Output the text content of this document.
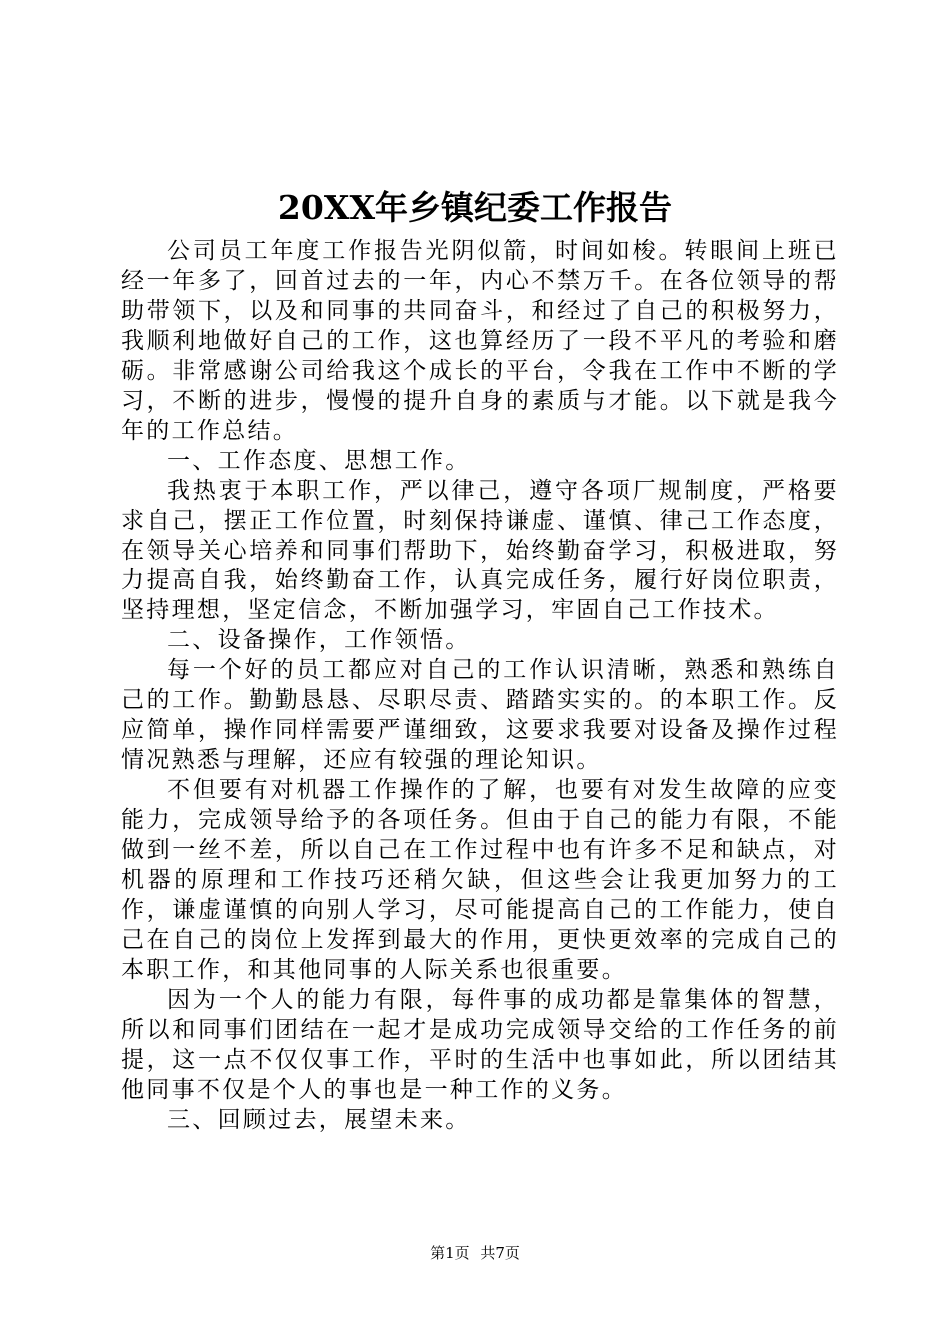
20XX年乡镇纪委工作报告

公司员工年度工作报告光阴似箭，时间如梭。转眼间上班已经一年多了，回首过去的一年，内心不禁万千。在各位领导的帮助带领下，以及和同事的共同奋斗，和经过了自己的积极努力，我顺利地做好自己的工作，这也算经历了一段不平凡的考验和磨砺。非常感谢公司给我这个成长的平台，令我在工作中不断的学习，不断的进步，慢慢的提升自身的素质与才能。以下就是我今年的工作总结。

一、工作态度、思想工作。

我热衷于本职工作，严以律己，遵守各项厂规制度，严格要求自己，摆正工作位置，时刻保持谦虚、谨慎、律己工作态度，在领导关心培养和同事们帮助下，始终勤奋学习，积极进取，努力提高自我，始终勤奋工作，认真完成任务，履行好岗位职责，坚持理想，坚定信念，不断加强学习，牢固自己工作技术。

二、设备操作，工作领悟。

每一个好的员工都应对自己的工作认识清晰，熟悉和熟练自己的工作。勤勤恳恳、尽职尽责、踏踏实实的。的本职工作。反应简单，操作同样需要严谨细致，这要求我要对设备及操作过程情况熟悉与理解，还应有较强的理论知识。

不但要有对机器工作操作的了解，也要有对发生故障的应变能力，完成领导给予的各项任务。但由于自己的能力有限，不能做到一丝不差，所以自己在工作过程中也有许多不足和缺点，对机器的原理和工作技巧还稍欠缺，但这些会让我更加努力的工作，谦虚谨慎的向别人学习，尽可能提高自己的工作能力，使自己在自己的岗位上发挥到最大的作用，更快更效率的完成自己的本职工作，和其他同事的人际关系也很重要。

因为一个人的能力有限，每件事的成功都是靠集体的智慧，所以和同事们团结在一起才是成功完成领导交给的工作任务的前提，这一点不仅仅事工作，平时的生活中也事如此，所以团结其他同事不仅是个人的事也是一种工作的义务。

三、回顾过去，展望未来。

第1页 共7页
